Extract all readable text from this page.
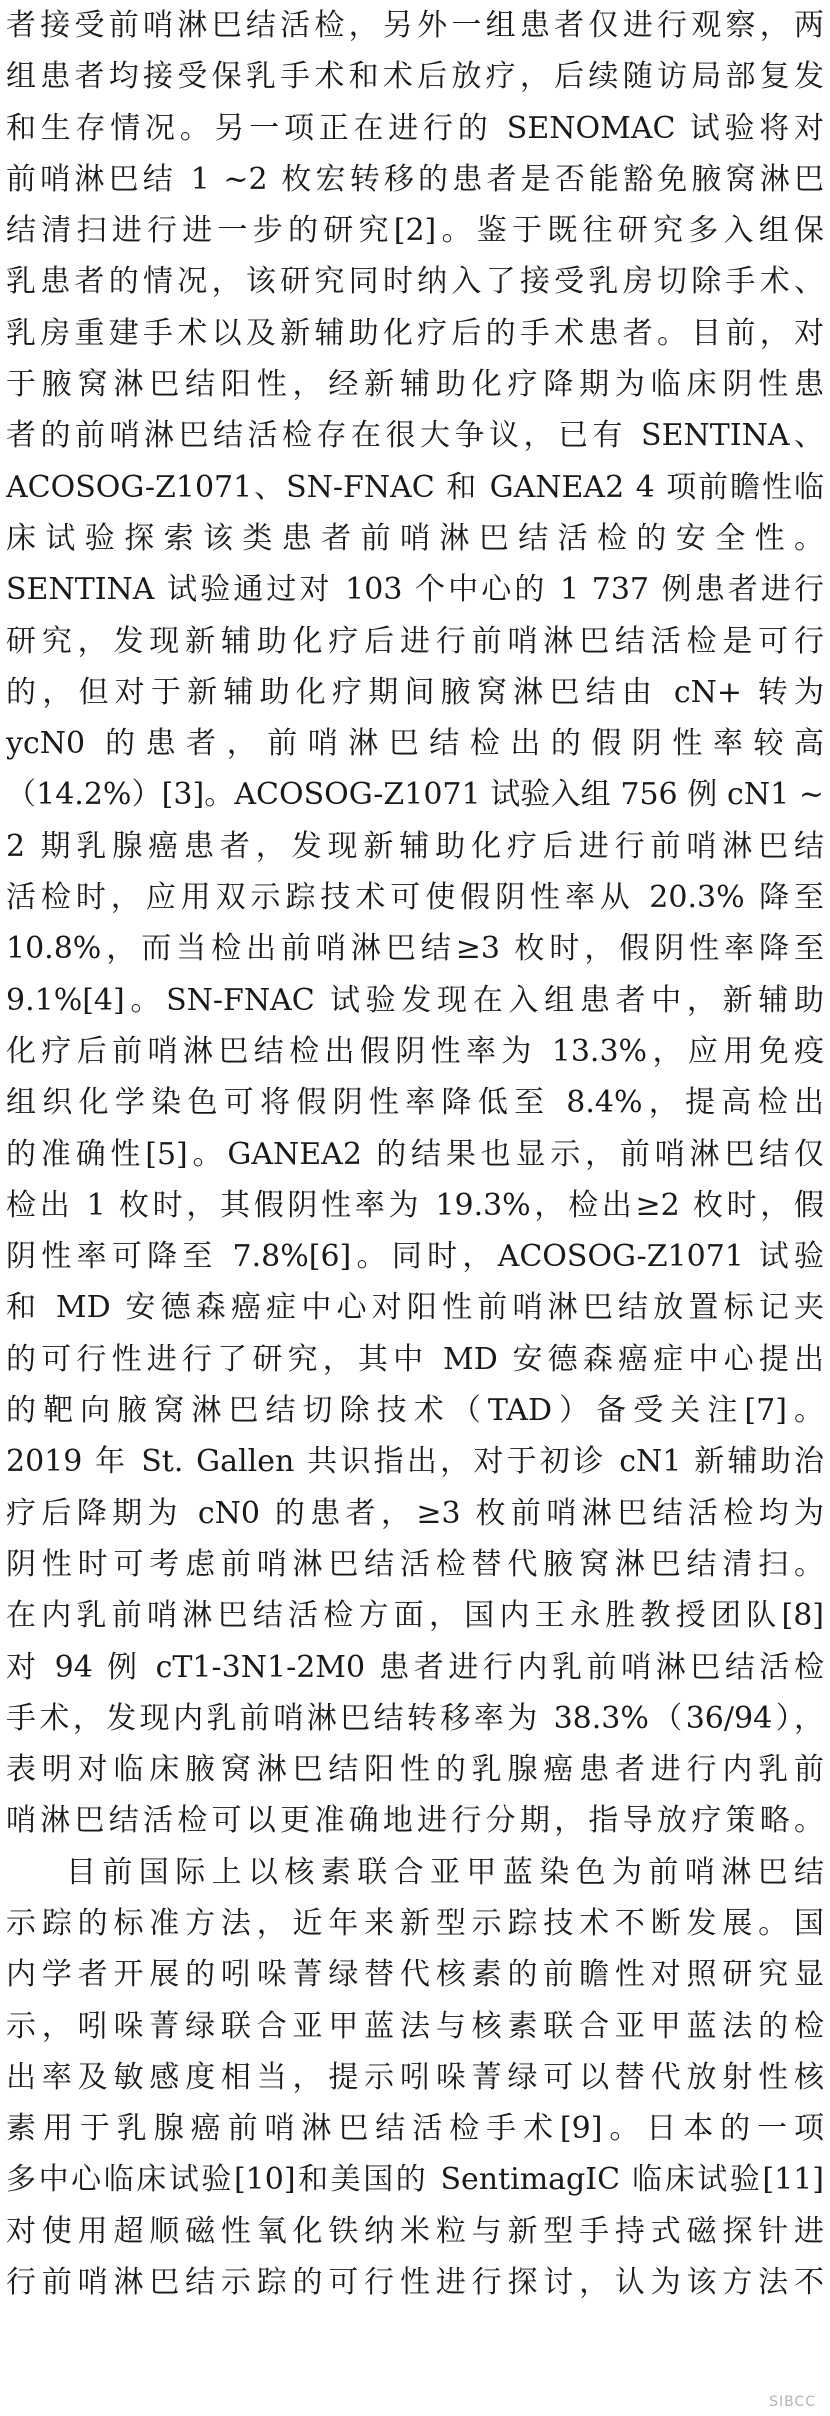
者接受前哨淋巴结活检，另外一组患者仅进行观察，两
组患者均接受保乳手术和术后放疗，后续随访局部复发
和生存情况。另一项正在进行的 SENOMAC 试验将对
前哨淋巴结 1 ~2 枚宏转移的患者是否能豁免腋窝淋巴
结清扫进行进一步的研究[2]。鉴于既往研究多入组保
乳患者的情况，该研究同时纳入了接受乳房切除手术、
乳房重建手术以及新辅助化疗后的手术患者。目前，对
于腋窝淋巴结阳性，经新辅助化疗降期为临床阴性患
者的前哨淋巴结活检存在很大争议，已有 SENTINA、
ACOSOG-Z1071、SN-FNAC 和 GANEA2 4 项前瞻性临
床试验探索该类患者前哨淋巴结活检的安全性。
SENTINA 试验通过对 103 个中心的 1 737 例患者进行
研究，发现新辅助化疗后进行前哨淋巴结活检是可行
的，但对于新辅助化疗期间腋窝淋巴结由 cN+ 转为
ycN0 的患者，前哨淋巴结检出的假阴性率较高
（14.2%）[3]。ACOSOG-Z1071 试验入组 756 例 cN1 ~
2 期乳腺癌患者，发现新辅助化疗后进行前哨淋巴结
活检时，应用双示踪技术可使假阴性率从 20.3% 降至
10.8%，而当检出前哨淋巴结≥3 枚时，假阴性率降至
9.1%[4]。SN-FNAC 试验发现在入组患者中，新辅助
化疗后前哨淋巴结检出假阴性率为 13.3%，应用免疫
组织化学染色可将假阴性率降低至 8.4%，提高检出
的准确性[5]。GANEA2 的结果也显示，前哨淋巴结仅
检出 1 枚时，其假阴性率为 19.3%，检出≥2 枚时，假
阴性率可降至 7.8%[6]。同时，ACOSOG-Z1071 试验
和 MD 安德森癌症中心对阳性前哨淋巴结放置标记夹
的可行性进行了研究，其中 MD 安德森癌症中心提出
的靶向腋窝淋巴结切除技术（TAD）备受关注[7]。
2019 年 St. Gallen 共识指出，对于初诊 cN1 新辅助治
疗后降期为 cN0 的患者，≥3 枚前哨淋巴结活检均为
阴性时可考虑前哨淋巴结活检替代腋窝淋巴结清扫。
在内乳前哨淋巴结活检方面，国内王永胜教授团队[8]
对 94 例 cT1-3N1-2M0 患者进行内乳前哨淋巴结活检
手术，发现内乳前哨淋巴结转移率为 38.3%（36/94），
表明对临床腋窝淋巴结阳性的乳腺癌患者进行内乳前
哨淋巴结活检可以更准确地进行分期，指导放疗策略。
目前国际上以核素联合亚甲蓝染色为前哨淋巴结
示踪的标准方法，近年来新型示踪技术不断发展。国
内学者开展的吲哚菁绿替代核素的前瞻性对照研究显
示，吲哚菁绿联合亚甲蓝法与核素联合亚甲蓝法的检
出率及敏感度相当，提示吲哚菁绿可以替代放射性核
素用于乳腺癌前哨淋巴结活检手术[9]。日本的一项
多中心临床试验[10]和美国的 SentimagIC 临床试验[11]
对使用超顺磁性氧化铁纳米粒与新型手持式磁探针进
行前哨淋巴结示踪的可行性进行探讨，认为该方法不
SIBCC
